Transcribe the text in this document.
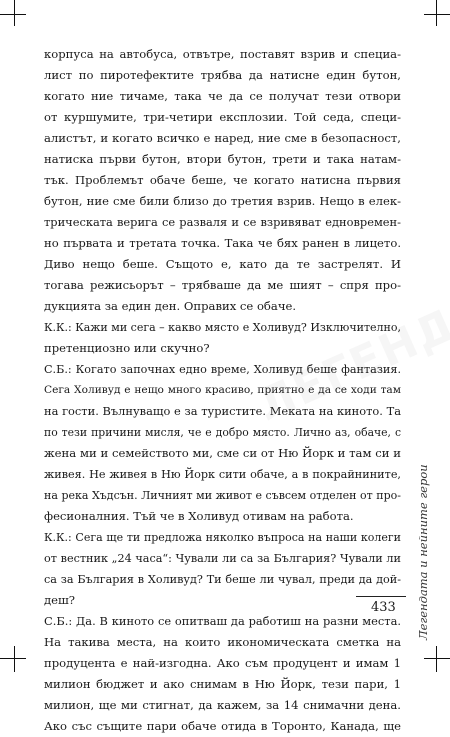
корпуса на автобуса, отвътре, поставят взрив и специа-
лист по пиротефектите трябва да натисне един бутон,
когато ние тичаме, така че да се получат тези отвори
от куршумите, три-четири експлозии. Той седа, специ-
алистът, и когато всичко е наред, ние сме в безопасност,
натиска първи бутон, втори бутон, трети и така натам-
тък. Проблемът обаче беше, че когато натисна първия
бутон, ние сме били близо до третия взрив. Нещо в елек-
трическата верига се разваля и се взривяват едновремен-
но първата и третата точка. Така че бях ранен в лицето.
Диво нещо беше. Същото е, като да те застрелят. И
тогава режисьорът – трябваше да ме шият – спря про-
дукцията за един ден. Оправих се обаче.
К.К.: Кажи ми сега – какво място е Холивуд? Изключително,
претенциозно или скучно?
С.Б.: Когато започнах едно време, Холивуд беше фантазия.
Сега Холивуд е нещо много красиво, приятно е да се ходи там
на гости. Вълнуващо е за туристите. Меката на киното. Та
по тези причини мисля, че е добро място. Лично аз, обаче, с
жена ми и семейството ми, сме си от Ню Йорк и там си и
живея. Не живея в Ню Йорк сити обаче, а в покрайнините,
на река Хъдсън. Личният ми живот е съвсем отделен от про-
фесионалния. Тъй че в Холивуд отивам на работа.
К.К.: Сега ще ти предложа няколко въпроса на наши колеги
от вестник „24 часа“: Чували ли са за България? Чували ли
са за България в Холивуд? Ти беше ли чувал, преди да дой-
деш?
С.Б.: Да. В киното се опитваш да работиш на разни места.
На такива места, на които икономическата сметка на
продуцента е най-изгодна. Ако съм продуцент и имам 1
милион бюджет и ако снимам в Ню Йорк, тези пари, 1
милион, ще ми стигнат, да кажем, за 14 снимачни дена.
Ако със същите пари обаче отида в Торонто, Канада, ще
Легендата и нейните герои
433
